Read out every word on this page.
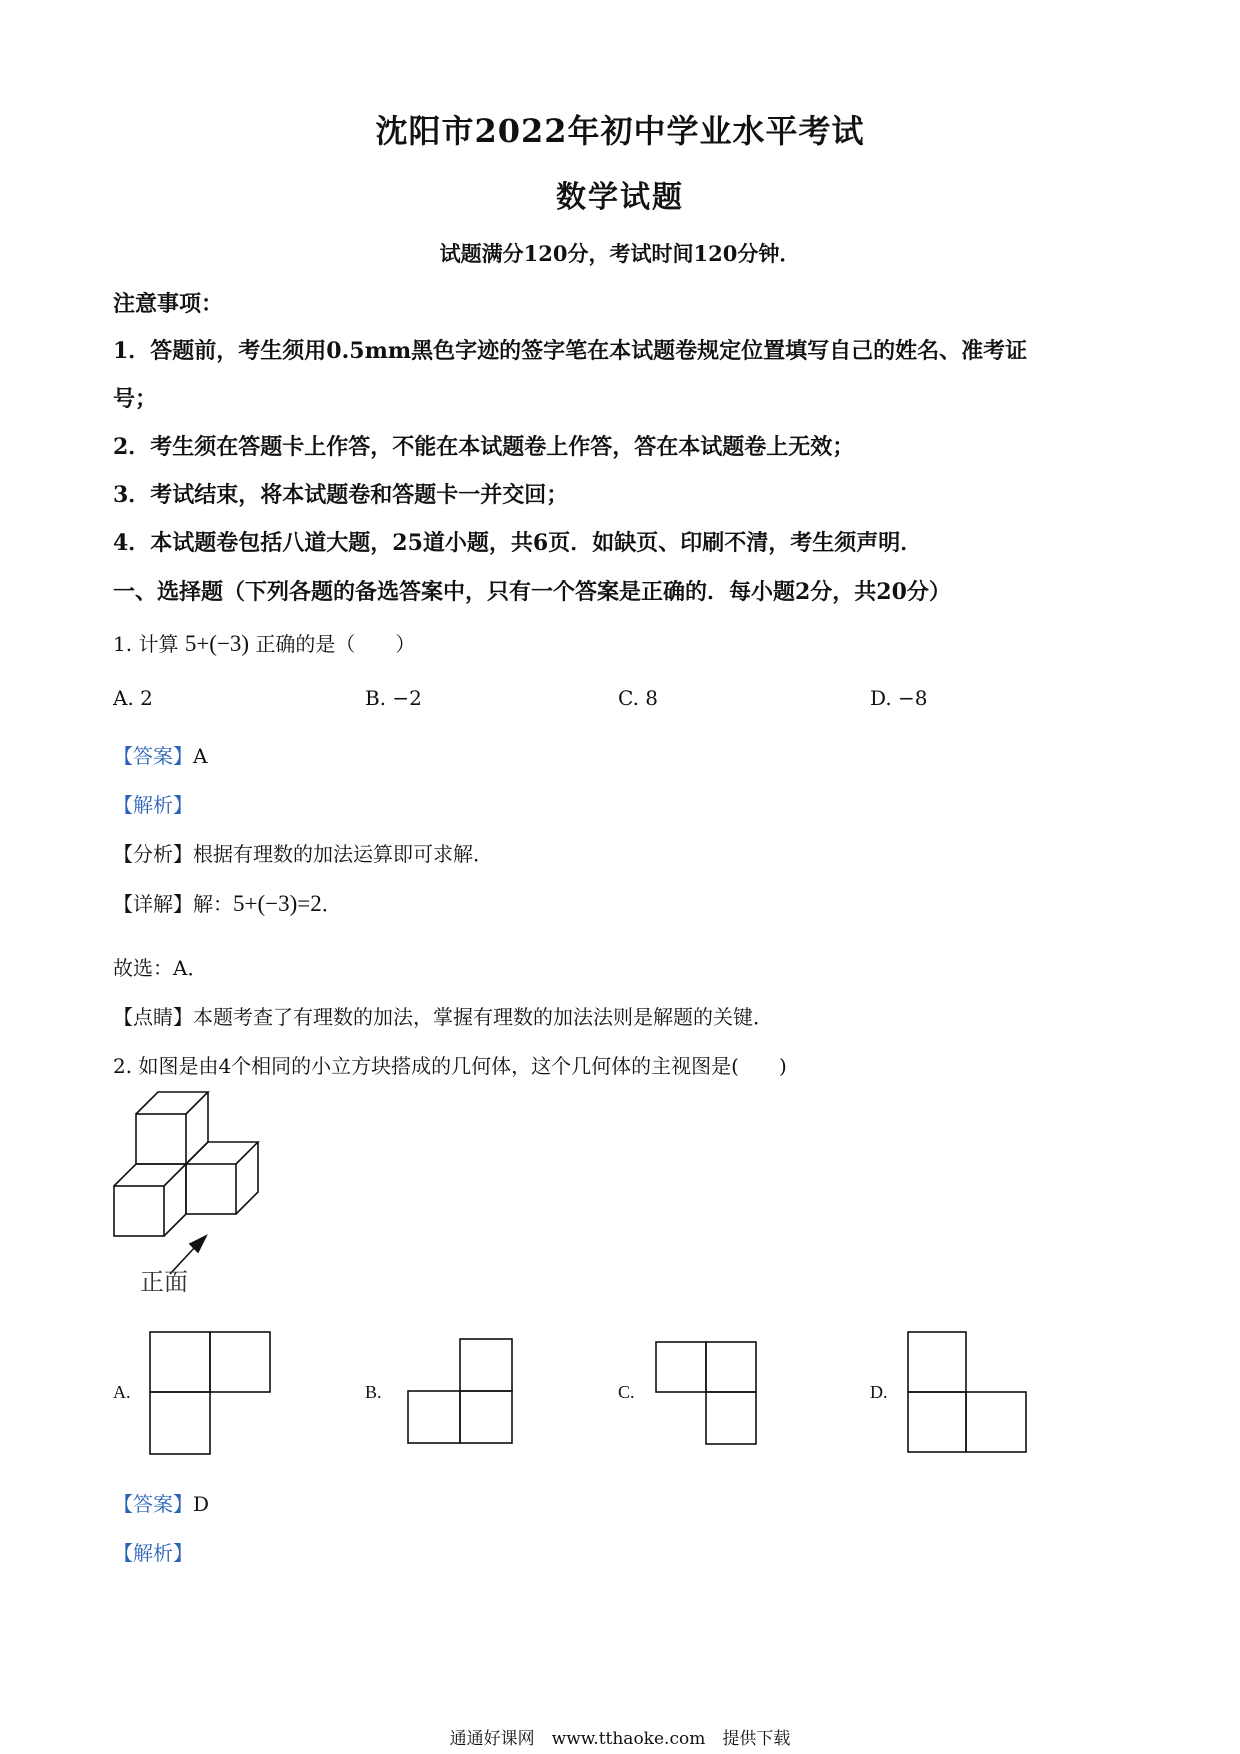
沈阳市2022年初中学业水平考试
数学试题
试题满分120分，考试时间120分钟．
注意事项：
1．答题前，考生须用0.5mm黑色字迹的签字笔在本试题卷规定位置填写自己的姓名、准考证
号；
2．考生须在答题卡上作答，不能在本试题卷上作答，答在本试题卷上无效；
3．考试结束，将本试题卷和答题卡一并交回；
4．本试题卷包括八道大题，25道小题，共6页．如缺页、印刷不清，考生须声明．
一、选择题（下列各题的备选答案中，只有一个答案是正确的．每小题2分，共20分）
1. 计算 5+(−3) 正确的是（　　）
A. 2	B. −2	C. 8	D. −8
【答案】A
【解析】
【分析】根据有理数的加法运算即可求解．
【详解】解：5+(−3)=2．
故选：A．
【点睛】本题考查了有理数的加法，掌握有理数的加法法则是解题的关键．
2. 如图是由4个相同的小立方块搭成的几何体，这个几何体的主视图是(　　)
正面
A.	B.	C.	D.
【答案】D
【解析】
通通好课网　www.tthaoke.com　提供下载
